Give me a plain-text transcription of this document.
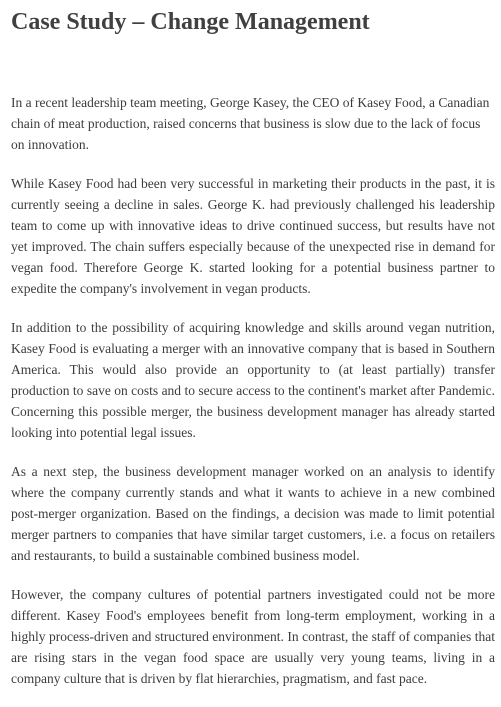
Case Study – Change Management

In a recent leadership team meeting, George Kasey, the CEO of Kasey Food, a Canadian chain of meat production, raised concerns that business is slow due to the lack of focus on innovation.

While Kasey Food had been very successful in marketing their products in the past, it is currently seeing a decline in sales. George K. had previously challenged his leadership team to come up with innovative ideas to drive continued success, but results have not yet improved. The chain suffers especially because of the unexpected rise in demand for vegan food. Therefore George K. started looking for a potential business partner to expedite the company's involvement in vegan products.

In addition to the possibility of acquiring knowledge and skills around vegan nutrition, Kasey Food is evaluating a merger with an innovative company that is based in Southern America. This would also provide an opportunity to (at least partially) transfer production to save on costs and to secure access to the continent's market after Pandemic. Concerning this possible merger, the business development manager has already started looking into potential legal issues.

As a next step, the business development manager worked on an analysis to identify where the company currently stands and what it wants to achieve in a new combined post-merger organization. Based on the findings, a decision was made to limit potential merger partners to companies that have similar target customers, i.e. a focus on retailers and restaurants, to build a sustainable combined business model.

However, the company cultures of potential partners investigated could not be more different. Kasey Food's employees benefit from long-term employment, working in a highly process-driven and structured environment. In contrast, the staff of companies that are rising stars in the vegan food space are usually very young teams, living in a company culture that is driven by flat hierarchies, pragmatism, and fast pace.
